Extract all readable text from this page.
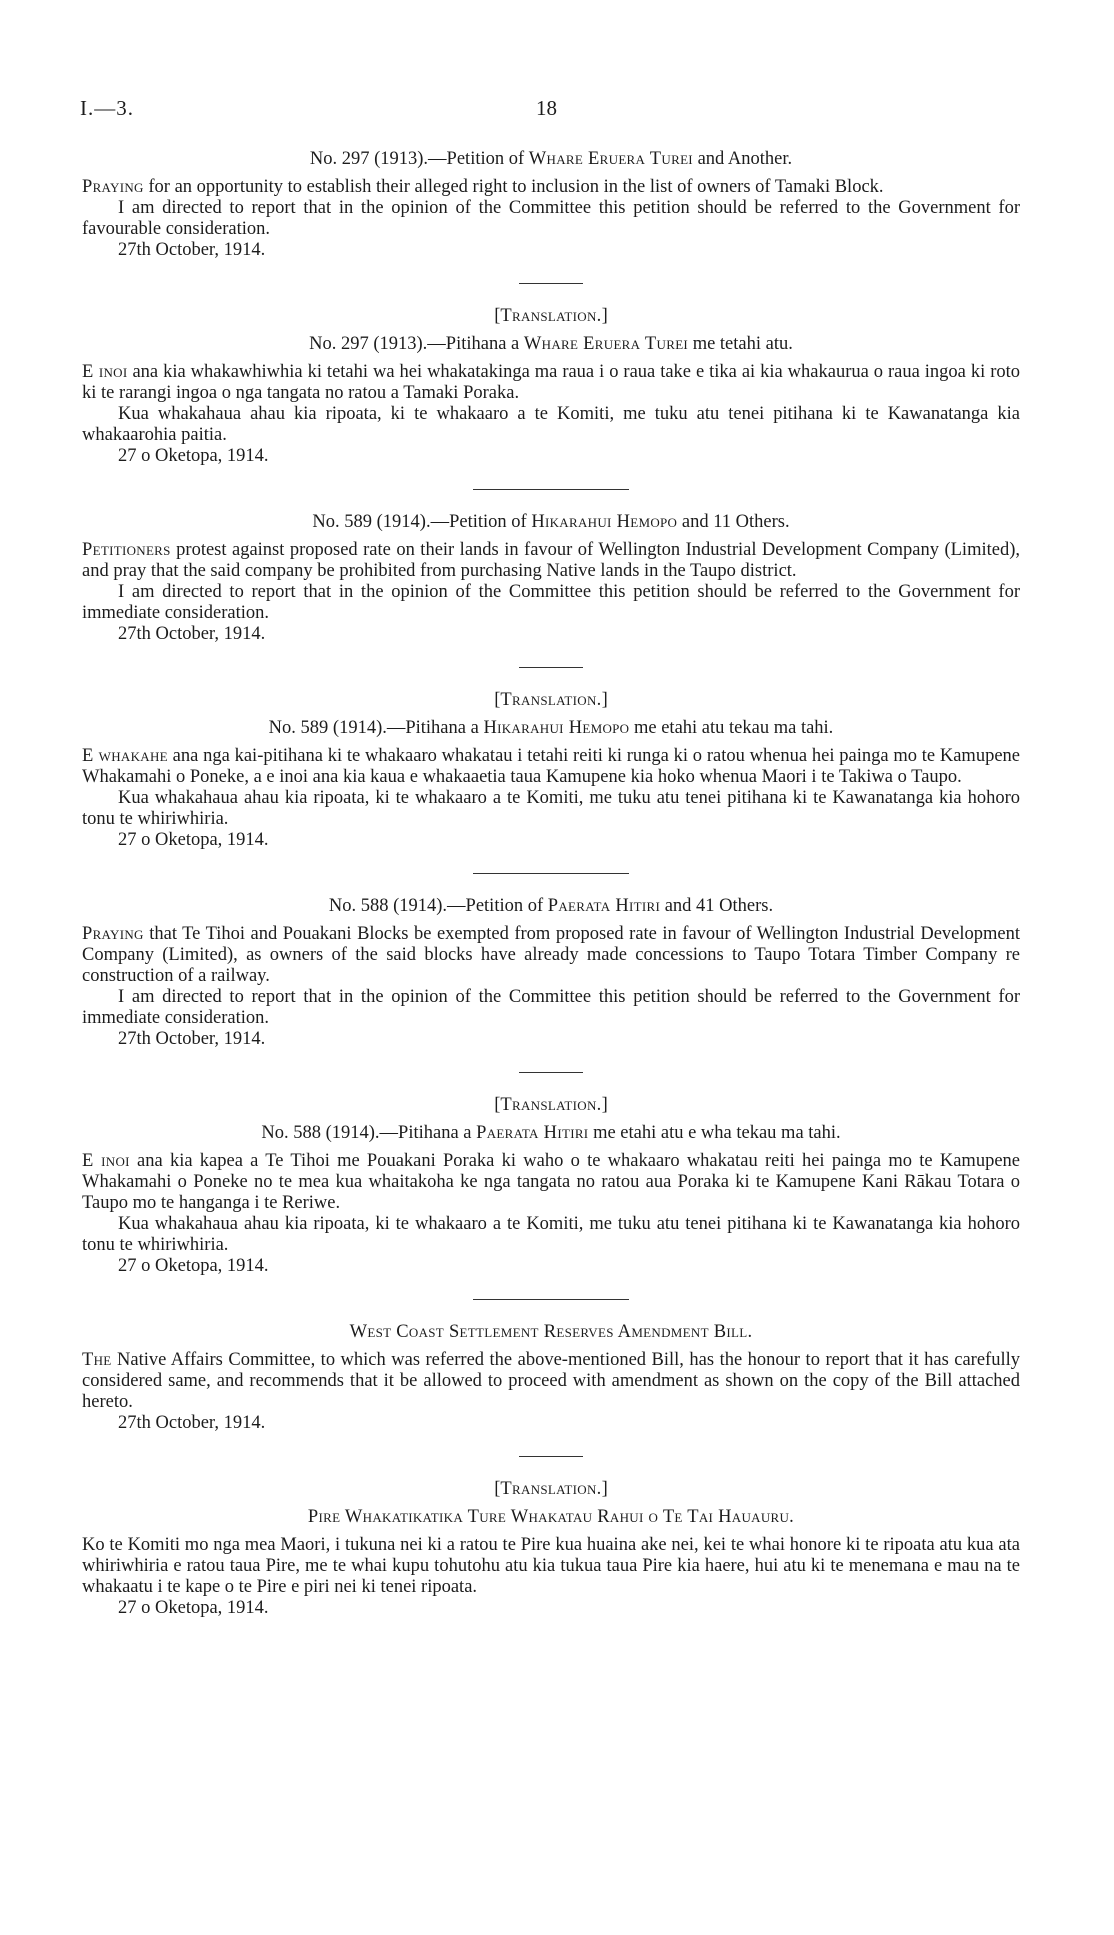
I.—3.	18

No. 297 (1913).—Petition of Whare Eruera Turei and Another.

Praying for an opportunity to establish their alleged right to inclusion in the list of owners of Tamaki Block.

I am directed to report that in the opinion of the Committee this petition should be referred to the Government for favourable consideration.

27th October, 1914.

[Translation.]

No. 297 (1913).—Pitihana a Whare Eruera Turei me tetahi atu.

E inoi ana kia whakawhiwhia ki tetahi wa hei whakatakinga ma raua i o raua take e tika ai kia whakaurua o raua ingoa ki roto ki te rarangi ingoa o nga tangata no ratou a Tamaki Poraka.

Kua whakahaua ahau kia ripoata, ki te whakaaro a te Komiti, me tuku atu tenei pitihana ki te Kawanatanga kia whakaarohia paitia.

27 o Oketopa, 1914.

No. 589 (1914).—Petition of Hikarahui Hemopo and 11 Others.

Petitioners protest against proposed rate on their lands in favour of Wellington Industrial Development Company (Limited), and pray that the said company be prohibited from purchasing Native lands in the Taupo district.

I am directed to report that in the opinion of the Committee this petition should be referred to the Government for immediate consideration.

27th October, 1914.

[Translation.]

No. 589 (1914).—Pitihana a Hikarahui Hemopo me etahi atu tekau ma tahi.

E whakahe ana nga kai-pitihana ki te whakaaro whakatau i tetahi reiti ki runga ki o ratou whenua hei painga mo te Kamupene Whakamahi o Poneke, a e inoi ana kia kaua e whakaaetia taua Kamupene kia hoko whenua Maori i te Takiwa o Taupo.

Kua whakahaua ahau kia ripoata, ki te whakaaro a te Komiti, me tuku atu tenei pitihana ki te Kawanatanga kia hohoro tonu te whiriwhiria.

27 o Oketopa, 1914.

No. 588 (1914).—Petition of Paerata Hitiri and 41 Others.

Praying that Te Tihoi and Pouakani Blocks be exempted from proposed rate in favour of Wellington Industrial Development Company (Limited), as owners of the said blocks have already made concessions to Taupo Totara Timber Company re construction of a railway.

I am directed to report that in the opinion of the Committee this petition should be referred to the Government for immediate consideration.

27th October, 1914.

[Translation.]

No. 588 (1914).—Pitihana a Paerata Hitiri me etahi atu e wha tekau ma tahi.

E inoi ana kia kapea a Te Tihoi me Pouakani Poraka ki waho o te whakaaro whakatau reiti hei painga mo te Kamupene Whakamahi o Poneke no te mea kua whaitakoha ke nga tangata no ratou aua Poraka ki te Kamupene Kani Rākau Totara o Taupo mo te hanganga i te Reriwe.

Kua whakahaua ahau kia ripoata, ki te whakaaro a te Komiti, me tuku atu tenei pitihana ki te Kawanatanga kia hohoro tonu te whiriwhiria.

27 o Oketopa, 1914.

West Coast Settlement Reserves Amendment Bill.

The Native Affairs Committee, to which was referred the above-mentioned Bill, has the honour to report that it has carefully considered same, and recommends that it be allowed to proceed with amendment as shown on the copy of the Bill attached hereto.

27th October, 1914.

[Translation.]

Pire Whakatikatika Ture Whakatau Rahui o Te Tai Hauauru.

Ko te Komiti mo nga mea Maori, i tukuna nei ki a ratou te Pire kua huaina ake nei, kei te whai honore ki te ripoata atu kua ata whiriwhiria e ratou taua Pire, me te whai kupu tohutohu atu kia tukua taua Pire kia haere, hui atu ki te menemana e mau na te whakaatu i te kape o te Pire e piri nei ki tenei ripoata.

27 o Oketopa, 1914.
